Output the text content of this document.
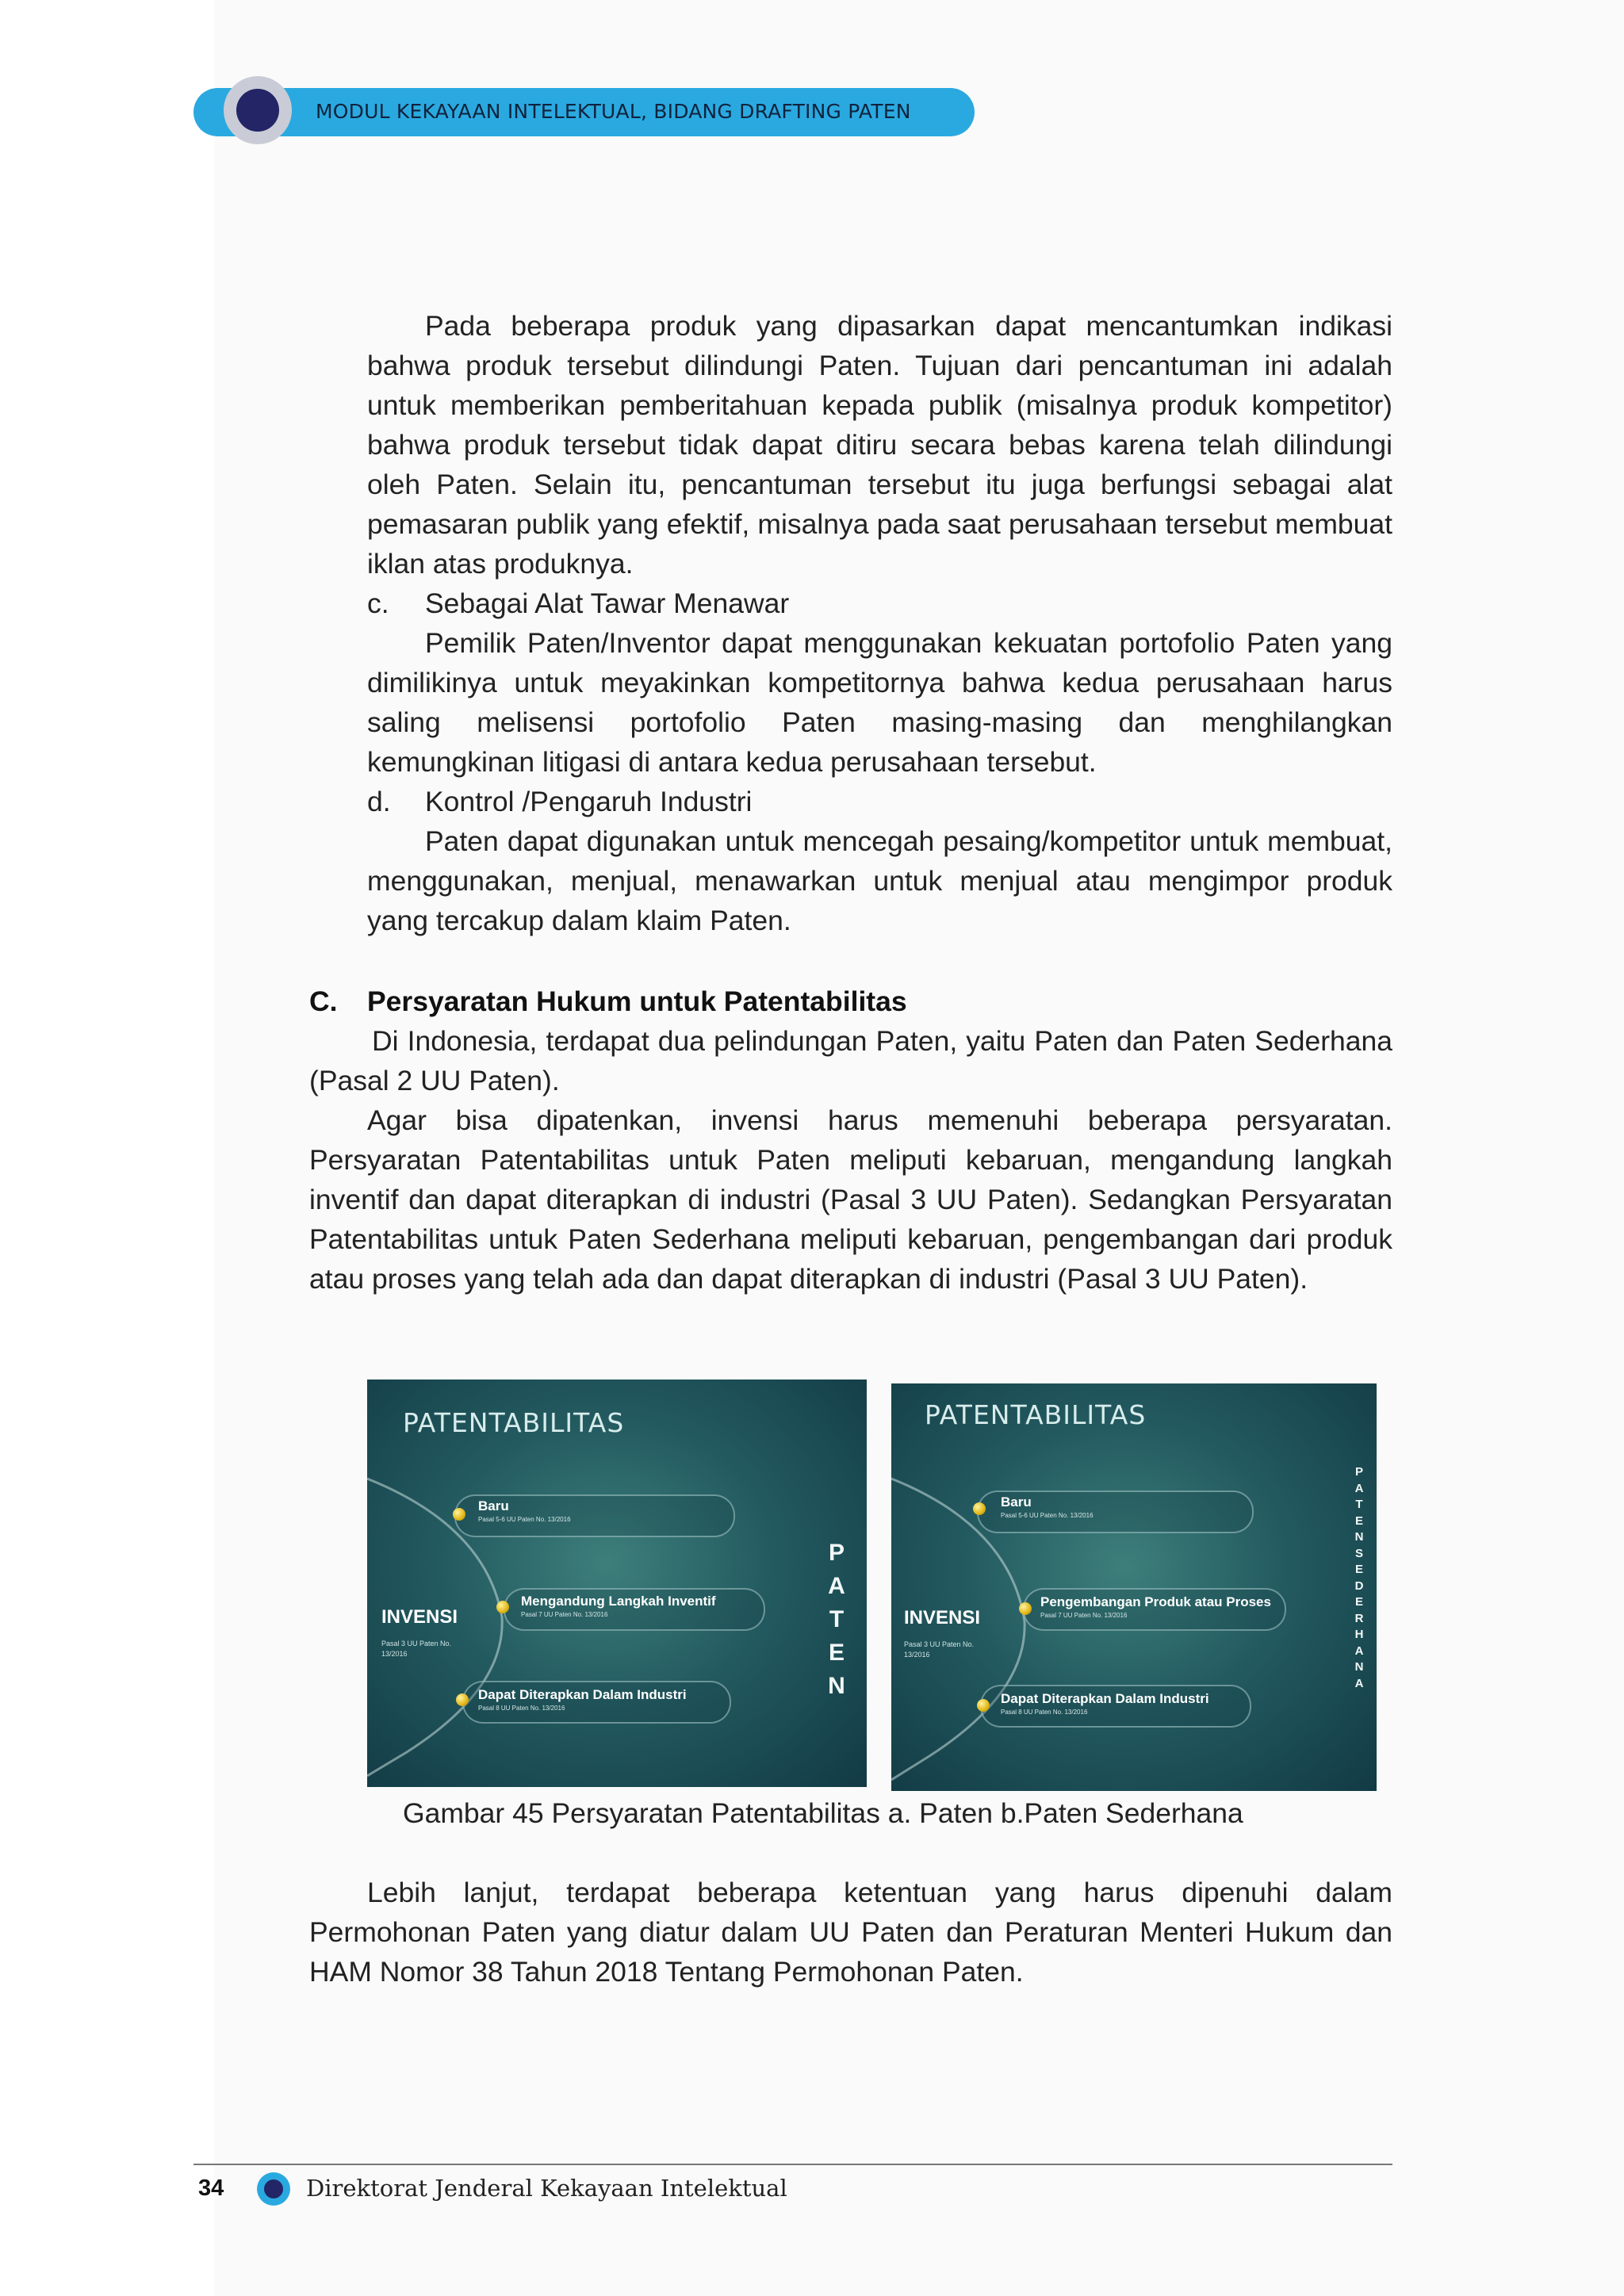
MODUL KEKAYAAN INTELEKTUAL, BIDANG DRAFTING PATEN
Pada beberapa produk yang dipasarkan dapat mencantumkan indikasi bahwa produk tersebut dilindungi Paten. Tujuan dari pencantuman ini adalah untuk memberikan pemberitahuan kepada publik (misalnya produk kompetitor) bahwa produk tersebut tidak dapat ditiru secara bebas karena telah dilindungi oleh Paten. Selain itu, pencantuman tersebut itu juga berfungsi sebagai alat pemasaran publik yang efektif, misalnya pada saat perusahaan tersebut membuat iklan atas produknya.
c. Sebagai Alat Tawar Menawar
Pemilik Paten/Inventor dapat menggunakan kekuatan portofolio Paten yang dimilikinya untuk meyakinkan kompetitornya bahwa kedua perusahaan harus saling melisensi portofolio Paten masing-masing dan menghilangkan kemungkinan litigasi di antara kedua perusahaan tersebut.
d. Kontrol /Pengaruh Industri
Paten dapat digunakan untuk mencegah pesaing/kompetitor untuk membuat, menggunakan, menjual, menawarkan untuk menjual atau mengimpor produk yang tercakup dalam klaim Paten.
C. Persyaratan Hukum untuk Patentabilitas
Di Indonesia, terdapat dua pelindungan Paten, yaitu Paten dan Paten Sederhana (Pasal 2 UU Paten).
Agar bisa dipatenkan, invensi harus memenuhi beberapa persyaratan. Persyaratan Patentabilitas untuk Paten meliputi kebaruan, mengandung langkah inventif dan dapat diterapkan di industri (Pasal 3 UU Paten). Sedangkan Persyaratan Patentabilitas untuk Paten Sederhana meliputi kebaruan, pengembangan dari produk atau proses yang telah ada dan dapat diterapkan di industri (Pasal 3 UU Paten).
PATENTABILITAS
Baru
Pasal 5-6 UU Paten No. 13/2016
Mengandung Langkah Inventif
Pasal 7 UU Paten No. 13/2016
Dapat Diterapkan Dalam Industri
Pasal 8 UU Paten No. 13/2016
INVENSI
Pasal 3 UU Paten No. 13/2016
PATEN
PATENTABILITAS
Baru
Pasal 5-6 UU Paten No. 13/2016
Pengembangan Produk atau Proses
Pasal 7 UU Paten No. 13/2016
Dapat Diterapkan Dalam Industri
Pasal 8 UU Paten No. 13/2016
INVENSI
Pasal 3 UU Paten No. 13/2016
PATEN SEDERHANA
Gambar 45 Persyaratan Patentabilitas a. Paten b.Paten Sederhana
Lebih lanjut, terdapat beberapa ketentuan yang harus dipenuhi dalam Permohonan Paten yang diatur dalam UU Paten dan Peraturan Menteri Hukum dan HAM Nomor 38 Tahun 2018 Tentang Permohonan Paten.
34	Direktorat Jenderal Kekayaan Intelektual
